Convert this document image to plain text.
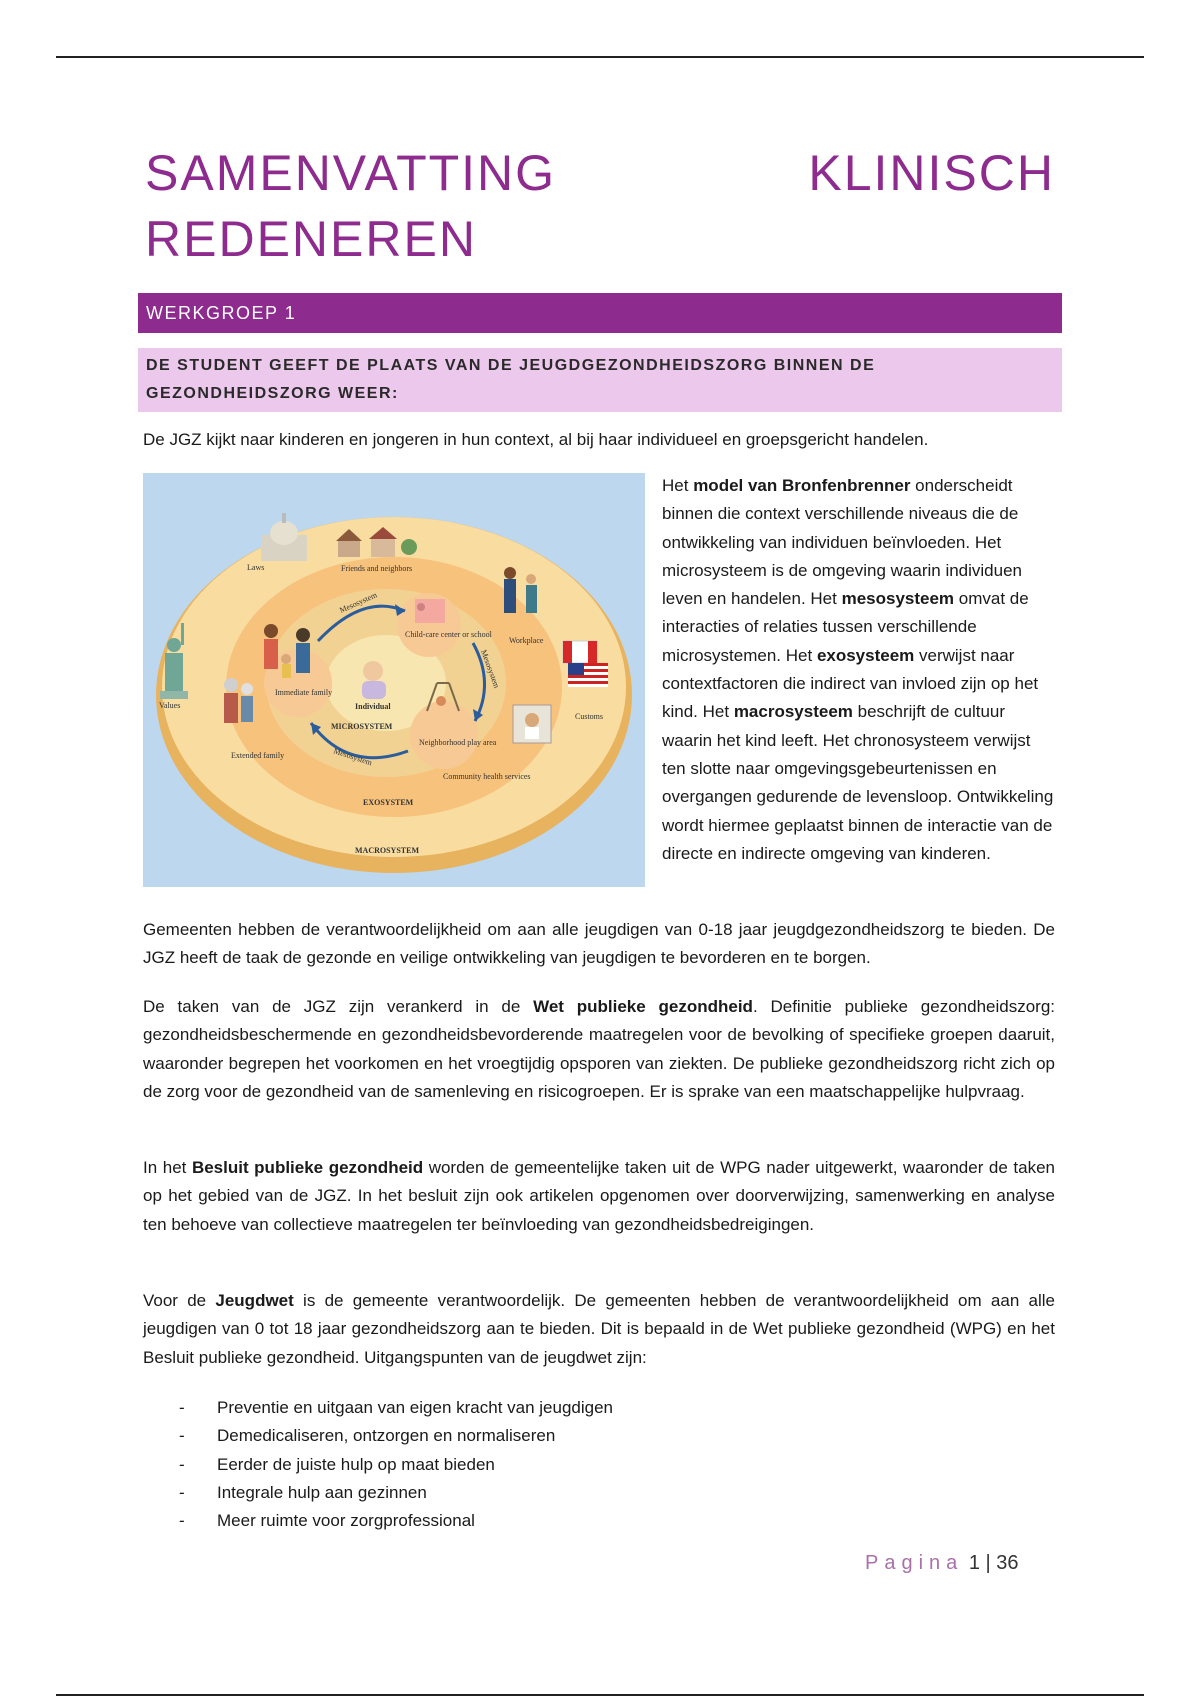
SAMENVATTING	KLINISCH
REDENEREN
WERKGROEP 1
DE STUDENT GEEFT DE PLAATS VAN DE JEUGDGEZONDHEIDSZORG BINNEN DE GEZONDHEIDSZORG WEER:
De JGZ kijkt naar kinderen en jongeren in hun context, al bij haar individueel en groepsgericht handelen.
Laws	Friends and neighbors
Child-care center or school
Workplace
Mesosystem
Mesosystem
Mesosystem
Immediate family
Individual
MICROSYSTEM
Values
Customs
Neighborhood play area
Extended family
Community health services
EXOSYSTEM
MACROSYSTEM
Het model van Bronfenbrenner onderscheidt binnen die context verschillende niveaus die de ontwikkeling van individuen beïnvloeden. Het microsysteem is de omgeving waarin individuen leven en handelen. Het mesosysteem omvat de interacties of relaties tussen verschillende microsystemen. Het exosysteem verwijst naar contextfactoren die indirect van invloed zijn op het kind. Het macrosysteem beschrijft de cultuur waarin het kind leeft. Het chronosysteem verwijst ten slotte naar omgevingsgebeurtenissen en overgangen gedurende de levensloop. Ontwikkeling wordt hiermee geplaatst binnen de interactie van de directe en indirecte omgeving van kinderen.
Gemeenten hebben de verantwoordelijkheid om aan alle jeugdigen van 0-18 jaar jeugdgezondheidszorg te bieden. De JGZ heeft de taak de gezonde en veilige ontwikkeling van jeugdigen te bevorderen en te borgen.
De taken van de JGZ zijn verankerd in de Wet publieke gezondheid. Definitie publieke gezondheidszorg: gezondheidsbeschermende en gezondheidsbevorderende maatregelen voor de bevolking of specifieke groepen daaruit, waaronder begrepen het voorkomen en het vroegtijdig opsporen van ziekten. De publieke gezondheidszorg richt zich op de zorg voor de gezondheid van de samenleving en risicogroepen. Er is sprake van een maatschappelijke hulpvraag.
In het Besluit publieke gezondheid worden de gemeentelijke taken uit de WPG nader uitgewerkt, waaronder de taken op het gebied van de JGZ. In het besluit zijn ook artikelen opgenomen over doorverwijzing, samenwerking en analyse ten behoeve van collectieve maatregelen ter beïnvloeding van gezondheidsbedreigingen.
Voor de Jeugdwet is de gemeente verantwoordelijk. De gemeenten hebben de verantwoordelijkheid om aan alle jeugdigen van 0 tot 18 jaar gezondheidszorg aan te bieden. Dit is bepaald in de Wet publieke gezondheid (WPG) en het Besluit publieke gezondheid. Uitgangspunten van de jeugdwet zijn:
- Preventie en uitgaan van eigen kracht van jeugdigen
- Demedicaliseren, ontzorgen en normaliseren
- Eerder de juiste hulp op maat bieden
- Integrale hulp aan gezinnen
- Meer ruimte voor zorgprofessional
Pagina 1 | 36
